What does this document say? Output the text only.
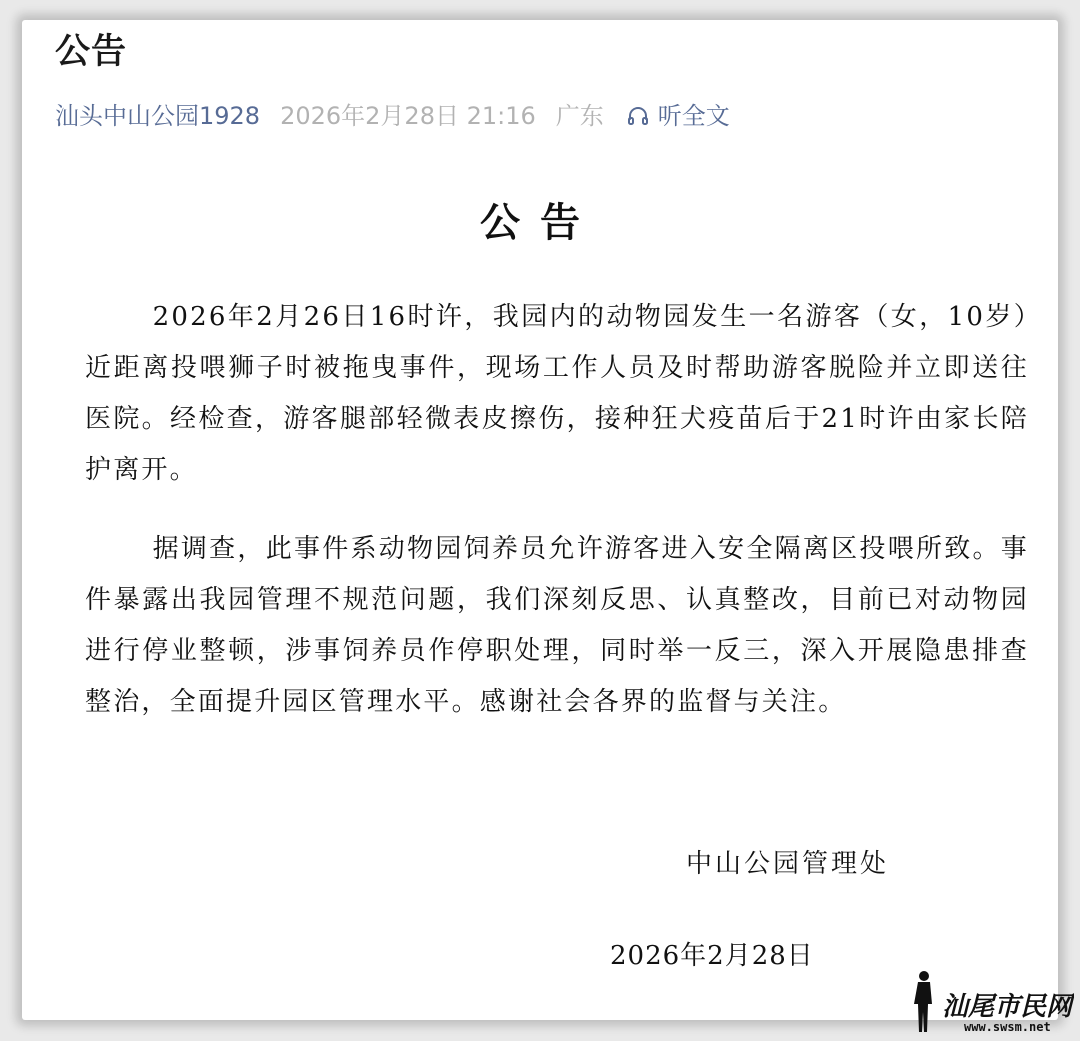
公告
汕头中山公园1928 2026年2月28日 21:16 广东 听全文
公告

2026年2月26日16时许，我园内的动物园发生一名游客（女，10岁）近距离投喂狮子时被拖曳事件，现场工作人员及时帮助游客脱险并立即送往医院。经检查，游客腿部轻微表皮擦伤，接种狂犬疫苗后于21时许由家长陪护离开。

据调查，此事件系动物园饲养员允许游客进入安全隔离区投喂所致。事件暴露出我园管理不规范问题，我们深刻反思、认真整改，目前已对动物园进行停业整顿，涉事饲养员作停职处理，同时举一反三，深入开展隐患排查整治，全面提升园区管理水平。感谢社会各界的监督与关注。

中山公园管理处
2026年2月28日
汕尾市民网
www.swsm.net
